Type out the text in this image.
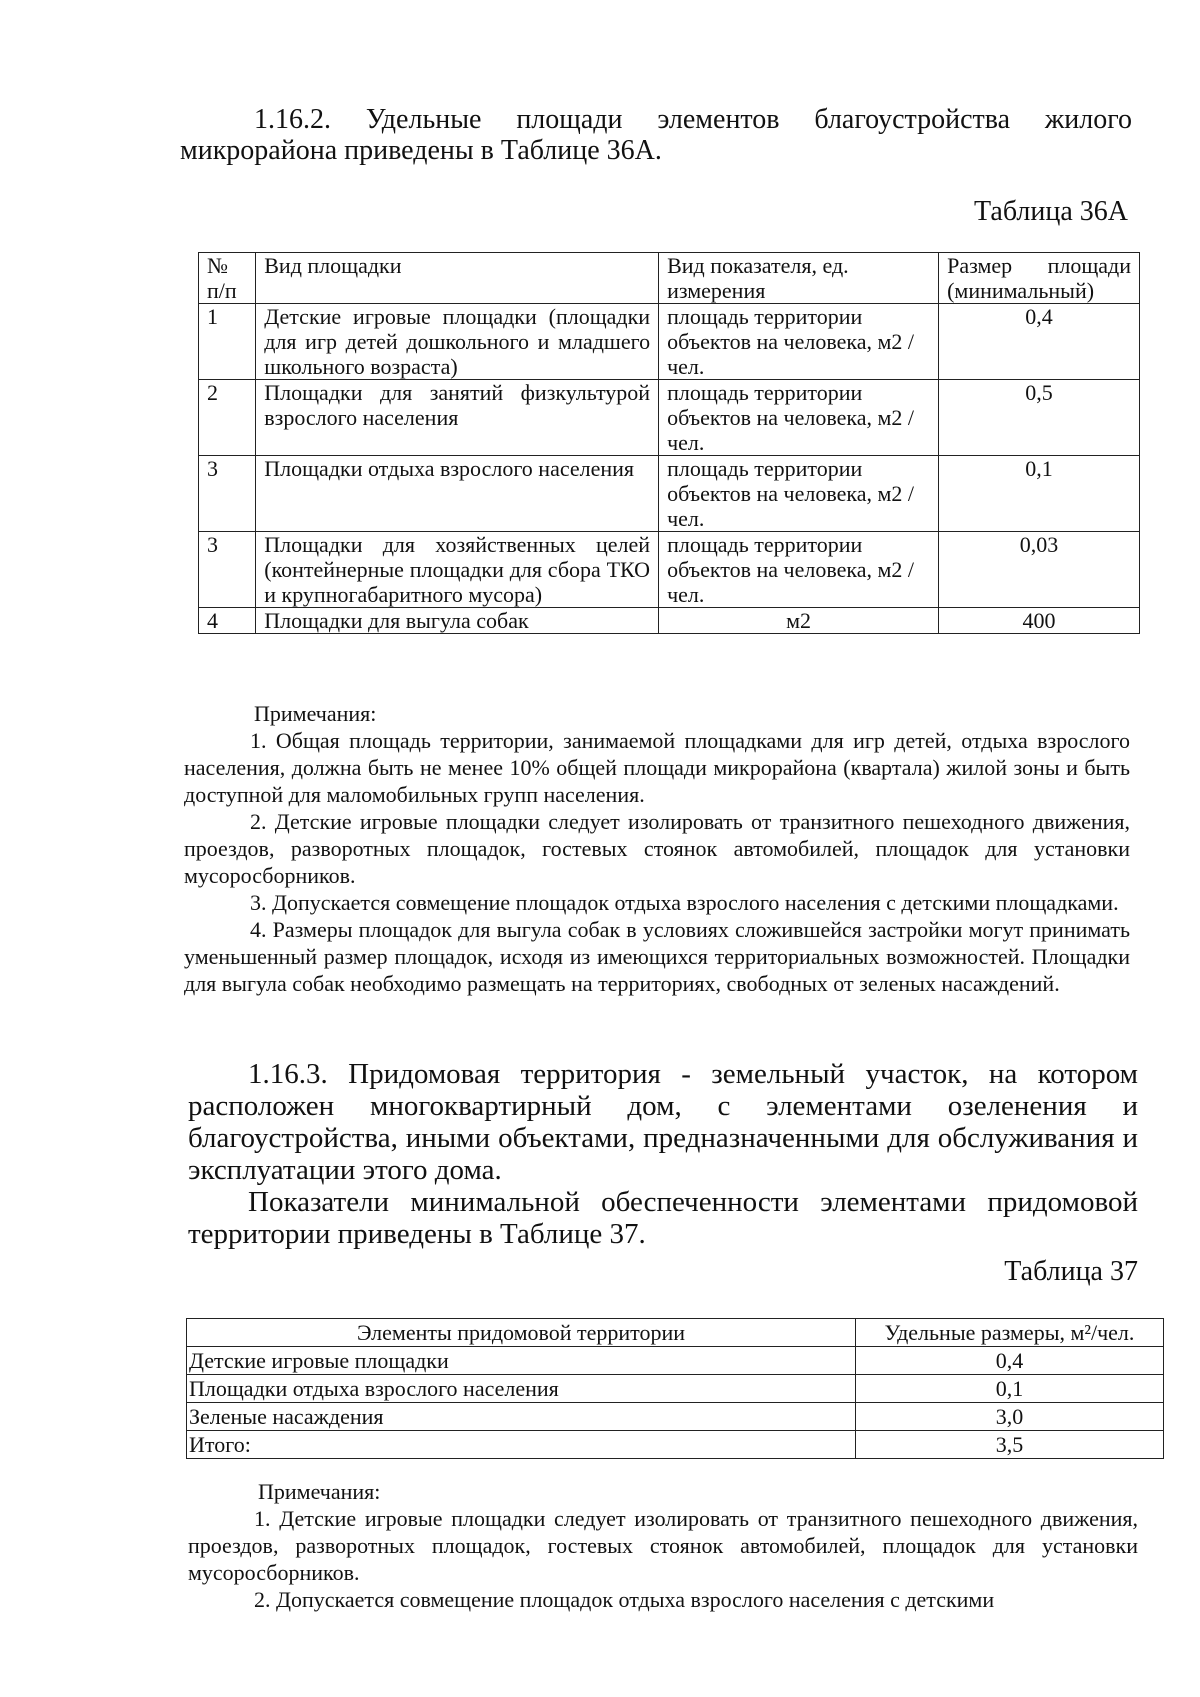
1.16.2. Удельные площади элементов благоустройства жилого микрорайона приведены в Таблице 36А.
Таблица 36А
№ п/п	Вид площадки	Вид показателя, ед. измерения	Размер площади (минимальный)
1	Детские игровые площадки (площадки для игр детей дошкольного и младшего школьного возраста)	площадь территории объектов на человека, м2 / чел.	0,4
2	Площадки для занятий физкультурой взрослого населения	площадь территории объектов на человека, м2 / чел.	0,5
3	Площадки отдыха взрослого населения	площадь территории объектов на человека, м2 / чел.	0,1
3	Площадки для хозяйственных целей (контейнерные площадки для сбора ТКО и крупногабаритного мусора)	площадь территории объектов на человека, м2 / чел.	0,03
4	Площадки для выгула собак	м2	400
Примечания:
1. Общая площадь территории, занимаемой площадками для игр детей, отдыха взрослого населения, должна быть не менее 10% общей площади микрорайона (квартала) жилой зоны и быть доступной для маломобильных групп населения.
2. Детские игровые площадки следует изолировать от транзитного пешеходного движения, проездов, разворотных площадок, гостевых стоянок автомобилей, площадок для установки мусоросборников.
3. Допускается совмещение площадок отдыха взрослого населения с детскими площадками.
4. Размеры площадок для выгула собак в условиях сложившейся застройки могут принимать уменьшенный размер площадок, исходя из имеющихся территориальных возможностей. Площадки для выгула собак необходимо размещать на территориях, свободных от зеленых насаждений.
1.16.3. Придомовая территория - земельный участок, на котором расположен многоквартирный дом, с элементами озеленения и благоустройства, иными объектами, предназначенными для обслуживания и эксплуатации этого дома.
Показатели минимальной обеспеченности элементами придомовой территории приведены в Таблице 37.
Таблица 37
Элементы придомовой территории	Удельные размеры, м²/чел.
Детские игровые площадки	0,4
Площадки отдыха взрослого населения	0,1
Зеленые насаждения	3,0
Итого:	3,5
Примечания:
1. Детские игровые площадки следует изолировать от транзитного пешеходного движения, проездов, разворотных площадок, гостевых стоянок автомобилей, площадок для установки мусоросборников.
2. Допускается совмещение площадок отдыха взрослого населения с детскими
